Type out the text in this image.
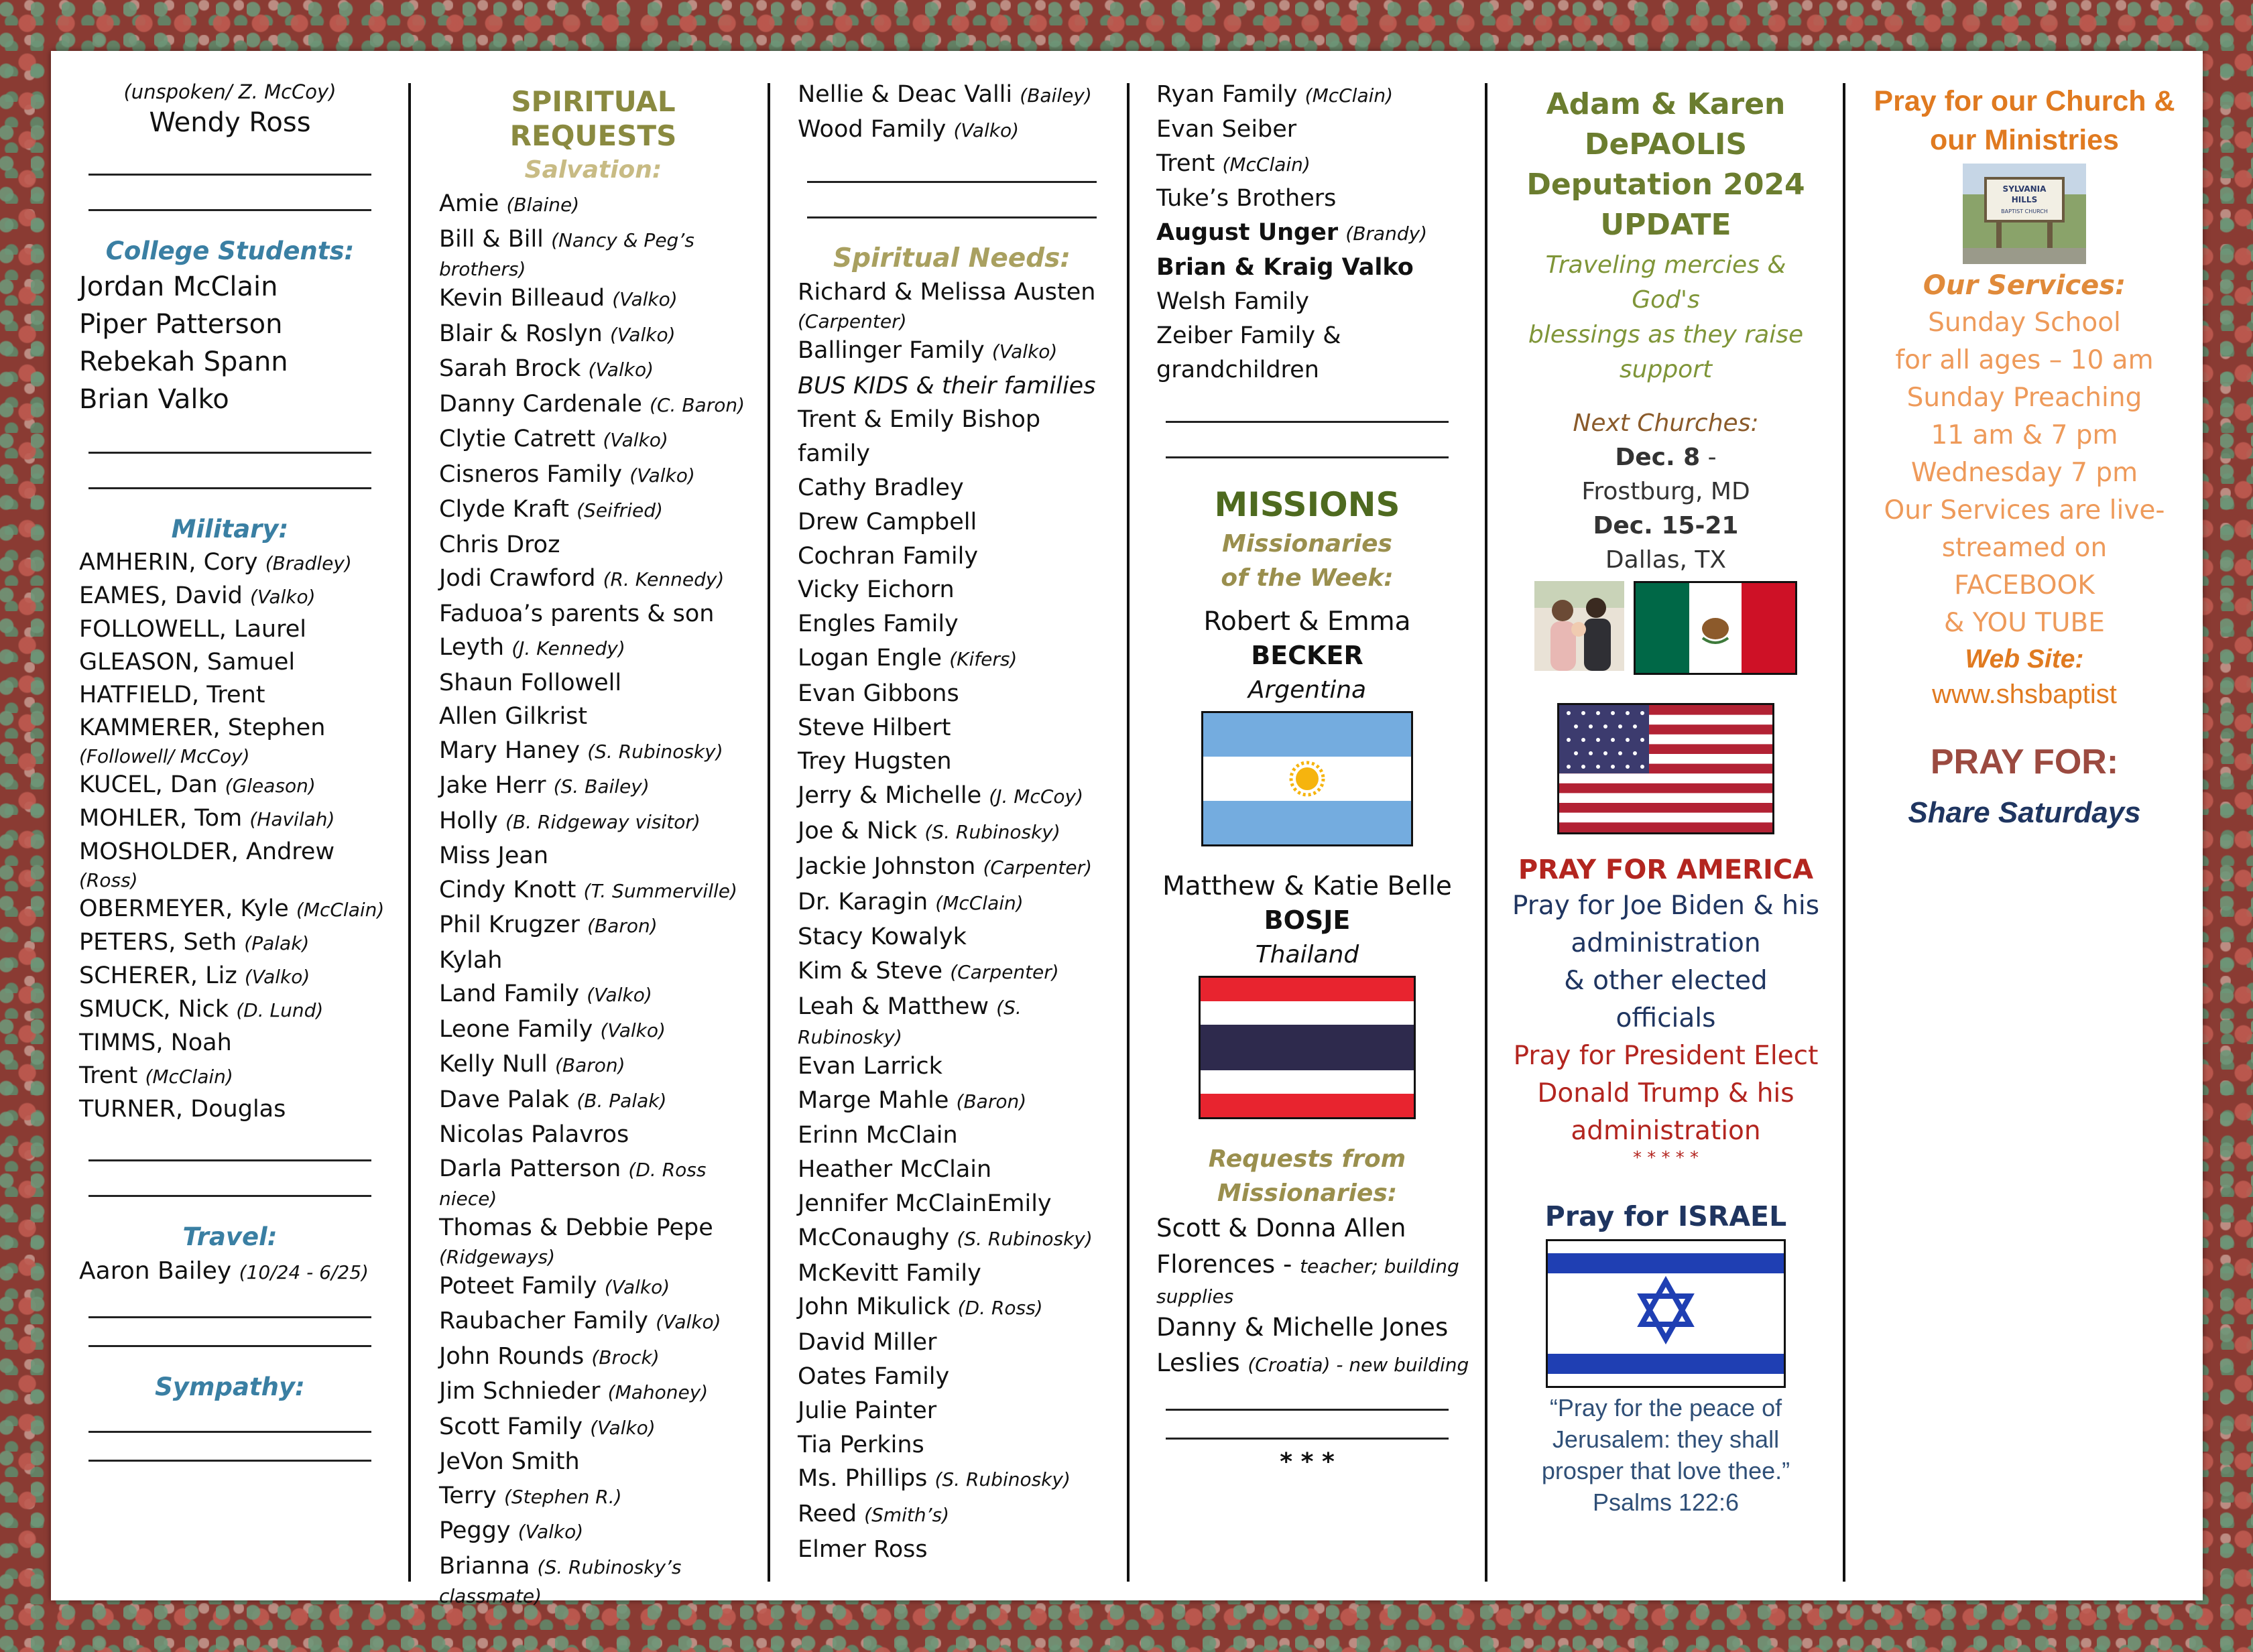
(unspoken/ Z. McCoy)
Wendy Ross
College Students:
Jordan McClain
Piper Patterson
Rebekah Spann
Brian Valko
Military:
AMHERIN, Cory (Bradley)
EAMES, David (Valko)
FOLLOWELL, Laurel
GLEASON, Samuel
HATFIELD, Trent
KAMMERER, Stephen
(Followell/ McCoy)
KUCEL, Dan (Gleason)
MOHLER, Tom (Havilah)
MOSHOLDER, Andrew
(Ross)
OBERMEYER, Kyle (McClain)
PETERS, Seth (Palak)
SCHERER, Liz (Valko)
SMUCK, Nick (D. Lund)
TIMMS, Noah
Trent (McClain)
TURNER, Douglas
Travel:
Aaron Bailey (10/24 - 6/25)
Sympathy:
SPIRITUAL REQUESTS
Salvation:
Amie (Blaine)
Bill & Bill (Nancy & Peg’s
brothers)
Kevin Billeaud (Valko)
Blair & Roslyn (Valko)
Sarah Brock (Valko)
Danny Cardenale (C. Baron)
Clytie Catrett (Valko)
Cisneros Family (Valko)
Clyde Kraft (Seifried)
Chris Droz
Jodi Crawford (R. Kennedy)
Faduoa’s parents & son
Leyth (J. Kennedy)
Shaun Followell
Allen Gilkrist
Mary Haney (S. Rubinosky)
Jake Herr (S. Bailey)
Holly (B. Ridgeway visitor)
Miss Jean
Cindy Knott (T. Summerville)
Phil Krugzer (Baron)
Kylah
Land Family (Valko)
Leone Family (Valko)
Kelly Null (Baron)
Dave Palak (B. Palak)
Nicolas Palavros
Darla Patterson (D. Ross
niece)
Thomas & Debbie Pepe
(Ridgeways)
Poteet Family (Valko)
Raubacher Family (Valko)
John Rounds (Brock)
Jim Schnieder (Mahoney)
Scott Family (Valko)
JeVon Smith
Terry (Stephen R.)
Peggy (Valko)
Brianna (S. Rubinosky’s
classmate)
Nellie & Deac Valli (Bailey)
Wood Family (Valko)
Spiritual Needs:
Richard & Melissa Austen
(Carpenter)
Ballinger Family (Valko)
BUS KIDS & their families
Trent & Emily Bishop
family
Cathy Bradley
Drew Campbell
Cochran Family
Vicky Eichorn
Engles Family
Logan Engle (Kifers)
Evan Gibbons
Steve Hilbert
Trey Hugsten
Jerry & Michelle (J. McCoy)
Joe & Nick (S. Rubinosky)
Jackie Johnston (Carpenter)
Dr. Karagin (McClain)
Stacy Kowalyk
Kim & Steve (Carpenter)
Leah & Matthew (S.
Rubinosky)
Evan Larrick
Marge Mahle (Baron)
Erinn McClain
Heather McClain
Jennifer McClainEmily
McConaughy (S. Rubinosky)
McKevitt Family
John Mikulick (D. Ross)
David Miller
Oates Family
Julie Painter
Tia Perkins
Ms. Phillips (S. Rubinosky)
Reed (Smith’s)
Elmer Ross
Ryan Family (McClain)
Evan Seiber
Trent (McClain)
Tuke’s Brothers
August Unger (Brandy)
Brian & Kraig Valko
Welsh Family
Zeiber Family &
grandchildren
MISSIONS
Missionaries
of the Week:
Robert & Emma
BECKER
Argentina
Matthew & Katie Belle
BOSJE
Thailand
Requests from
Missionaries:
Scott & Donna Allen
Florences - teacher; building
supplies
Danny & Michelle Jones
Leslies (Croatia) - new building
* * *
Adam & Karen
DePAOLIS
Deputation 2024
UPDATE
Traveling mercies & God's
blessings as they raise
support
Next Churches:
Dec. 8 -
Frostburg, MD
Dec. 15-21
Dallas, TX
PRAY FOR AMERICA
Pray for Joe Biden & his
administration
& other elected
officials
Pray for President Elect
Donald Trump & his
administration
* * * * *
Pray for ISRAEL
“Pray for the peace of
Jerusalem: they shall
prosper that love thee.”
Psalms 122:6
Pray for our Church &
our Ministries
SYLVANIA
HILLS
BAPTIST CHURCH
Our Services:
Sunday School
for all ages – 10 am
Sunday Preaching
11 am & 7 pm
Wednesday 7 pm
Our Services are live-
streamed on
FACEBOOK
& YOU TUBE
Web Site:
www.shsbaptist
PRAY FOR:
Share Saturdays
